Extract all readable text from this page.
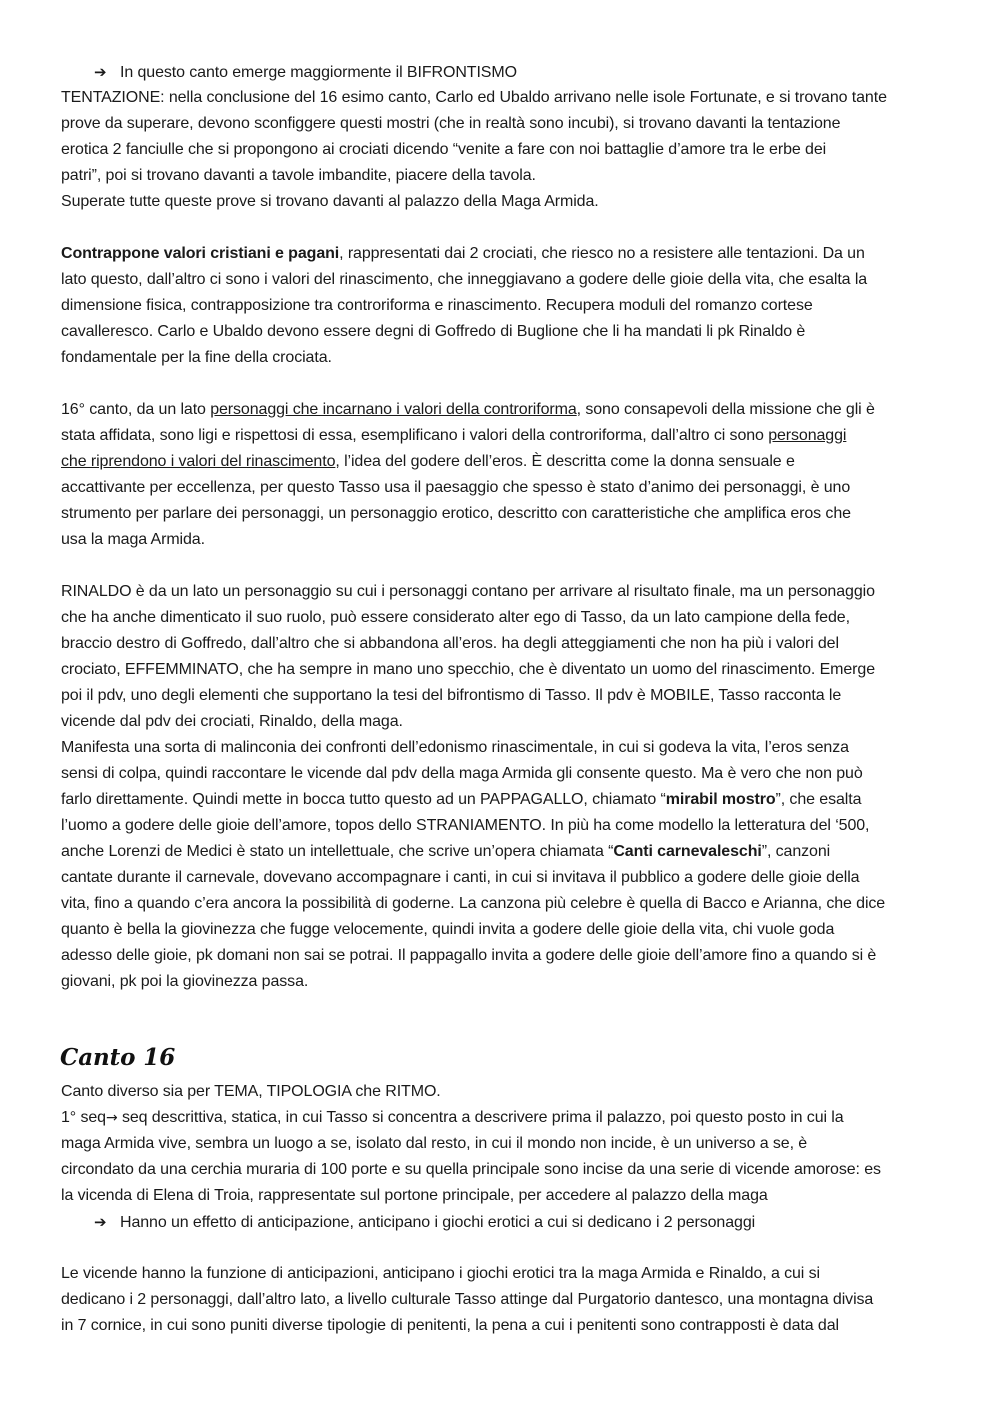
➔ In questo canto emerge maggiormente il BIFRONTISMO
TENTAZIONE: nella conclusione del 16 esimo canto, Carlo ed Ubaldo arrivano nelle isole Fortunate, e si trovano tante
prove da superare, devono sconfiggere questi mostri (che in realtà sono incubi), si trovano davanti la tentazione
erotica 2 fanciulle che si propongono ai crociati dicendo “venite a fare con noi battaglie d’amore tra le erbe dei
patri”, poi si trovano davanti a tavole imbandite, piacere della tavola.
Superate tutte queste prove si trovano davanti al palazzo della Maga Armida.
Contrappone valori cristiani e pagani, rappresentati dai 2 crociati, che riesco no a resistere alle tentazioni. Da un
lato questo, dall’altro ci sono i valori del rinascimento, che inneggiavano a godere delle gioie della vita, che esalta la
dimensione fisica, contrapposizione tra controriforma e rinascimento. Recupera moduli del romanzo cortese
cavalleresco. Carlo e Ubaldo devono essere degni di Goffredo di Buglione che li ha mandati li pk Rinaldo è
fondamentale per la fine della crociata.
16° canto, da un lato personaggi che incarnano i valori della controriforma, sono consapevoli della missione che gli è
stata affidata, sono ligi e rispettosi di essa, esemplificano i valori della controriforma, dall’altro ci sono personaggi
che riprendono i valori del rinascimento, l’idea del godere dell’eros. È descritta come la donna sensuale e
accattivante per eccellenza, per questo Tasso usa il paesaggio che spesso è stato d’animo dei personaggi, è uno
strumento per parlare dei personaggi, un personaggio erotico, descritto con caratteristiche che amplifica eros che
usa la maga Armida.
RINALDO è da un lato un personaggio su cui i personaggi contano per arrivare al risultato finale, ma un personaggio
che ha anche dimenticato il suo ruolo, può essere considerato alter ego di Tasso, da un lato campione della fede,
braccio destro di Goffredo, dall’altro che si abbandona all’eros. ha degli atteggiamenti che non ha più i valori del
crociato, EFFEMMINATO, che ha sempre in mano uno specchio, che è diventato un uomo del rinascimento. Emerge
poi il pdv, uno degli elementi che supportano la tesi del bifrontismo di Tasso. Il pdv è MOBILE, Tasso racconta le
vicende dal pdv dei crociati, Rinaldo, della maga.
Manifesta una sorta di malinconia dei confronti dell’edonismo rinascimentale, in cui si godeva la vita, l’eros senza
sensi di colpa, quindi raccontare le vicende dal pdv della maga Armida gli consente questo. Ma è vero che non può
farlo direttamente. Quindi mette in bocca tutto questo ad un PAPPAGALLO, chiamato “mirabil mostro”, che esalta
l’uomo a godere delle gioie dell’amore, topos dello STRANIAMENTO. In più ha come modello la letteratura del ‘500,
anche Lorenzi de Medici è stato un intellettuale, che scrive un’opera chiamata “Canti carnevaleschi”, canzoni
cantate durante il carnevale, dovevano accompagnare i canti, in cui si invitava il pubblico a godere delle gioie della
vita, fino a quando c’era ancora la possibilità di goderne. La canzona più celebre è quella di Bacco e Arianna, che dice
quanto è bella la giovinezza che fugge velocemente, quindi invita a godere delle gioie della vita, chi vuole goda
adesso delle gioie, pk domani non sai se potrai. Il pappagallo invita a godere delle gioie dell’amore fino a quando si è
giovani, pk poi la giovinezza passa.
Canto 16
Canto diverso sia per TEMA, TIPOLOGIA che RITMO.
1° seq→ seq descrittiva, statica, in cui Tasso si concentra a descrivere prima il palazzo, poi questo posto in cui la
maga Armida vive, sembra un luogo a se, isolato dal resto, in cui il mondo non incide, è un universo a se, è
circondato da una cerchia muraria di 100 porte e su quella principale sono incise da una serie di vicende amorose: es
la vicenda di Elena di Troia, rappresentate sul portone principale, per accedere al palazzo della maga
➔ Hanno un effetto di anticipazione, anticipano i giochi erotici a cui si dedicano i 2 personaggi
Le vicende hanno la funzione di anticipazioni, anticipano i giochi erotici tra la maga Armida e Rinaldo, a cui si
dedicano i 2 personaggi, dall’altro lato, a livello culturale Tasso attinge dal Purgatorio dantesco, una montagna divisa
in 7 cornice, in cui sono puniti diverse tipologie di penitenti, la pena a cui i penitenti sono contrapposti è data dal
